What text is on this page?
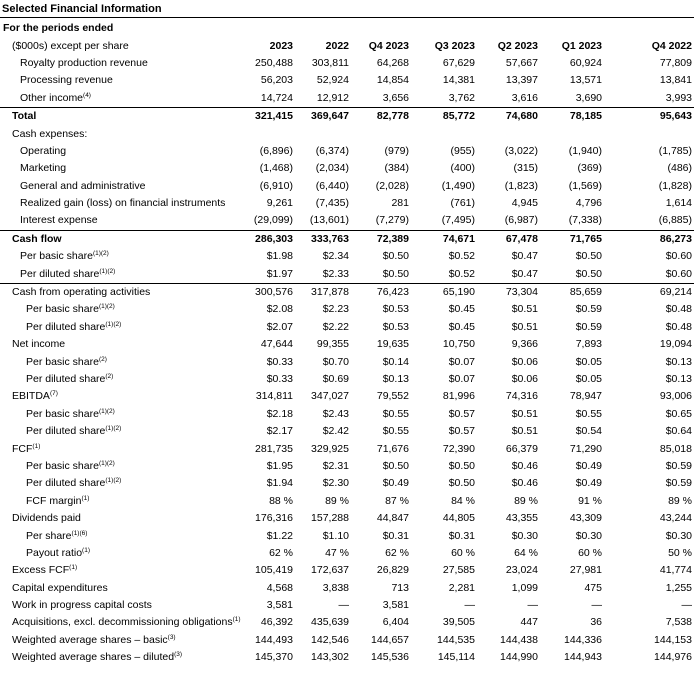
Selected Financial Information
For the periods ended							
($000s) except per share	2023	2022	Q4 2023	Q3 2023	Q2 2023	Q1 2023	Q4 2022
Royalty production revenue	250,488	303,811	64,268	67,629	57,667	60,924	77,809
Processing revenue	56,203	52,924	14,854	14,381	13,397	13,571	13,841
Other income$^{(4)}$	14,724	12,912	3,656	3,762	3,616	3,690	3,993
Total	321,415	369,647	82,778	85,772	74,680	78,185	95,643
Cash expenses:							
Operating	(6,896)	(6,374)	(979)	(955)	(3,022)	(1,940)	(1,785)
Marketing	(1,468)	(2,034)	(384)	(400)	(315)	(369)	(486)
General and administrative	(6,910)	(6,440)	(2,028)	(1,490)	(1,823)	(1,569)	(1,828)
Realized gain (loss) on financial instruments	9,261	(7,435)	281	(761)	4,945	4,796	1,614
Interest expense	(29,099)	(13,601)	(7,279)	(7,495)	(6,987)	(7,338)	(6,885)
Cash flow	286,303	333,763	72,389	74,671	67,478	71,765	86,273
Per basic share$^{(1)(2)}$	$1.98	$2.34	$0.50	$0.52	$0.47	$0.50	$0.60
Per diluted share$^{(1)(2)}$	$1.97	$2.33	$0.50	$0.52	$0.47	$0.50	$0.60
Cash from operating activities	300,576	317,878	76,423	65,190	73,304	85,659	69,214
Per basic share$^{(1)(2)}$	$2.08	$2.23	$0.53	$0.45	$0.51	$0.59	$0.48
Per diluted share$^{(1)(2)}$	$2.07	$2.22	$0.53	$0.45	$0.51	$0.59	$0.48
Net income	47,644	99,355	19,635	10,750	9,366	7,893	19,094
Per basic share$^{(2)}$	$0.33	$0.70	$0.14	$0.07	$0.06	$0.05	$0.13
Per diluted share$^{(2)}$	$0.33	$0.69	$0.13	$0.07	$0.06	$0.05	$0.13
EBITDA$^{(7)}$	314,811	347,027	79,552	81,996	74,316	78,947	93,006
Per basic share$^{(1)(2)}$	$2.18	$2.43	$0.55	$0.57	$0.51	$0.55	$0.65
Per diluted share$^{(1)(2)}$	$2.17	$2.42	$0.55	$0.57	$0.51	$0.54	$0.64
FCF$^{(1)}$	281,735	329,925	71,676	72,390	66,379	71,290	85,018
Per basic share$^{(1)(2)}$	$1.95	$2.31	$0.50	$0.50	$0.46	$0.49	$0.59
Per diluted share$^{(1)(2)}$	$1.94	$2.30	$0.49	$0.50	$0.46	$0.49	$0.59
FCF margin$^{(1)}$	88 %	89 %	87 %	84 %	89 %	91 %	89 %
Dividends paid	176,316	157,288	44,847	44,805	43,355	43,309	43,244
Per share$^{(1)(6)}$	$1.22	$1.10	$0.31	$0.31	$0.30	$0.30	$0.30
Payout ratio$^{(1)}$	62 %	47 %	62 %	60 %	64 %	60 %	50 %
Excess FCF$^{(1)}$	105,419	172,637	26,829	27,585	23,024	27,981	41,774
Capital expenditures	4,568	3,838	713	2,281	1,099	475	1,255
Work in progress capital costs	3,581	—	3,581	—	—	—	—
Acquisitions, excl. decommissioning obligations$^{(1)}$	46,392	435,639	6,404	39,505	447	36	7,538
Weighted average shares – basic$^{(3)}$	144,493	142,546	144,657	144,535	144,438	144,336	144,153
Weighted average shares – diluted$^{(3)}$	145,370	143,302	145,536	145,114	144,990	144,943	144,976
